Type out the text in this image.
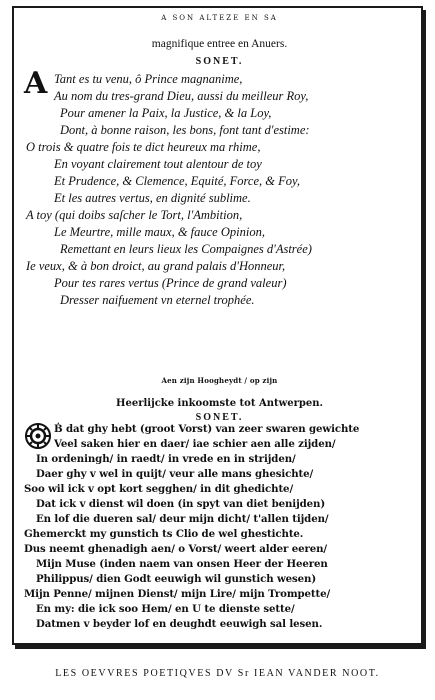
A SON ALTEZE EN SA
magnifique entree en Anuers.
SONET.
A Tant es tu venu, ô Prince magnanime,
Au nom du tres-grand Dieu, aussi du meilleur Roy,
Pour amener la Paix, la Justice, & la Loy,
Dont, à bonne raison, les bons, font tant d'estime:
O trois & quatre fois te dict heureux ma rhime,
En voyant clairement tout alentour de toy
Et Prudence, & Clemence, Equité, Force, & Foy,
Et les autres vertus, en dignité sublime.
A toy (qui doibs saſcher le Tort, l'Ambition,
Le Meurtre, mille maux, & fauce Opinion,
Remettant en leurs lieux les Compaignes d'Astrée)
Ie veux, & à bon droict, au grand palais d'Honneur,
Pour tes rares vertus (Prince de grand valeur)
Dresser naifuement vn eternel trophée.
Aen zijn Hoogheydt / op zijn
Heerlijcke inkoomste tot Antwerpen.
SONET.
Ḃ dat ghy hebt (groot Vorst) van zeer swaren gewichte
Veel saken hier en daer/ iae schier aen alle zijden/
In ordeningh/ in raedt/ in vrede en in strijden/
Daer ghy v wel in quijt/ veur alle mans ghesichte/
Soo wil ick v opt kort segghen/ in dit ghedichte/
Dat ick v dienst wil doen (in spyt van diet benijden)
En lof die dueren sal/ deur mijn dicht/ t'allen tijden/
Ghemerckt my gunstich ts Clio de wel ghestichte.
Dus neemt ghenadigh aen/ o Vorst/ weert alder eeren/
Mijn Muse (inden naem van onsen Heer der Heeren
Philippus/ dien Godt eeuwigh wil gunstich wesen)
Mijn Penne/ mijnen Dienst/ mijn Lire/ mijn Trompette/
En my: die ick soo Hem/ en U te dienste sette/
Datmen v beyder lof en deughdt eeuwigh sal lesen.
LES OEVVRES POETIQVES DV Sr IEAN VANDER NOOT.
